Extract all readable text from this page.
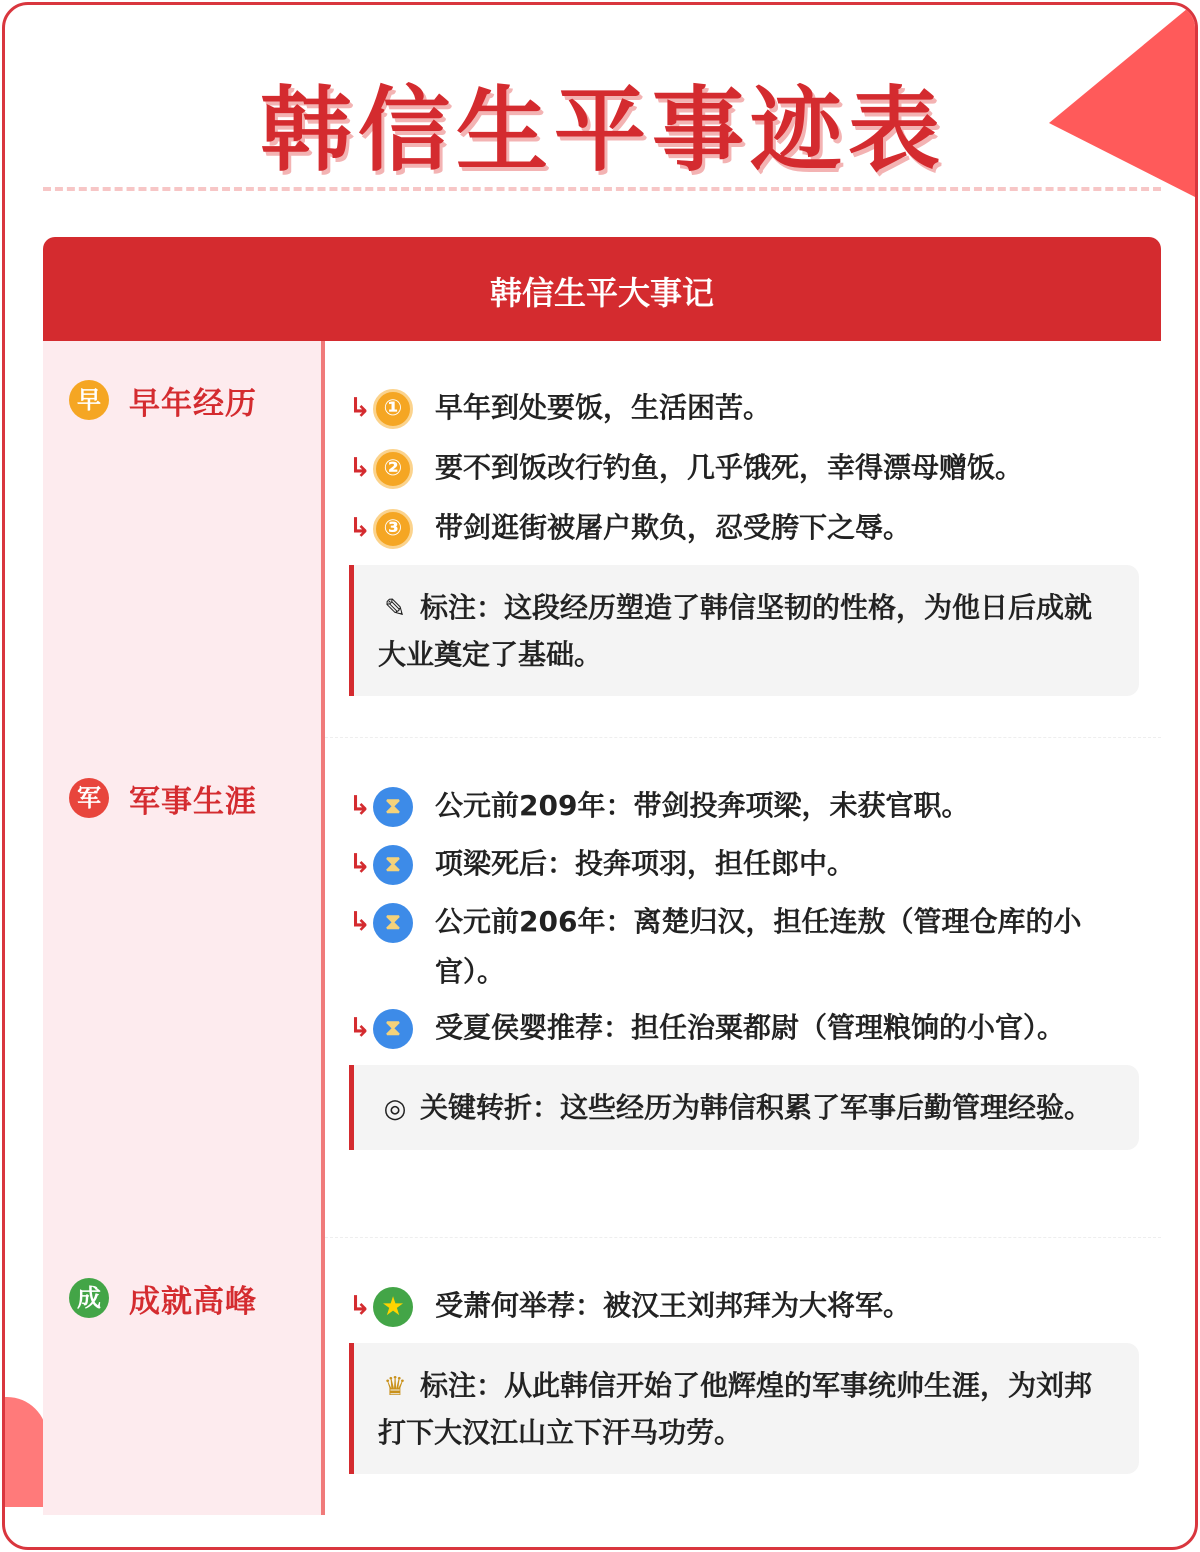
韩信生平事迹表
韩信生平大事记
早 早年经历	↳ ①	早年到处要饭，生活困苦。
↳ ②	要不到饭改行钓鱼，几乎饿死，幸得漂母赠饭。
↳ ③	带剑逛街被屠户欺负，忍受胯下之辱。
✎ 标注：这段经历塑造了韩信坚韧的性格，为他日后成就大业奠定了基础。
军 军事生涯	↳ ⧗	公元前209年：带剑投奔项梁，未获官职。
↳ ⧗	项梁死后：投奔项羽，担任郎中。
↳ ⧗	公元前206年：离楚归汉，担任连敖（管理仓库的小官）。
↳ ⧗	受夏侯婴推荐：担任治粟都尉（管理粮饷的小官）。
◎ 关键转折：这些经历为韩信积累了军事后勤管理经验。
成 成就高峰	↳ ★ 受萧何举荐：被汉王刘邦拜为大将军。
♛ 标注：从此韩信开始了他辉煌的军事统帅生涯，为刘邦打下大汉江山立下汗马功劳。
